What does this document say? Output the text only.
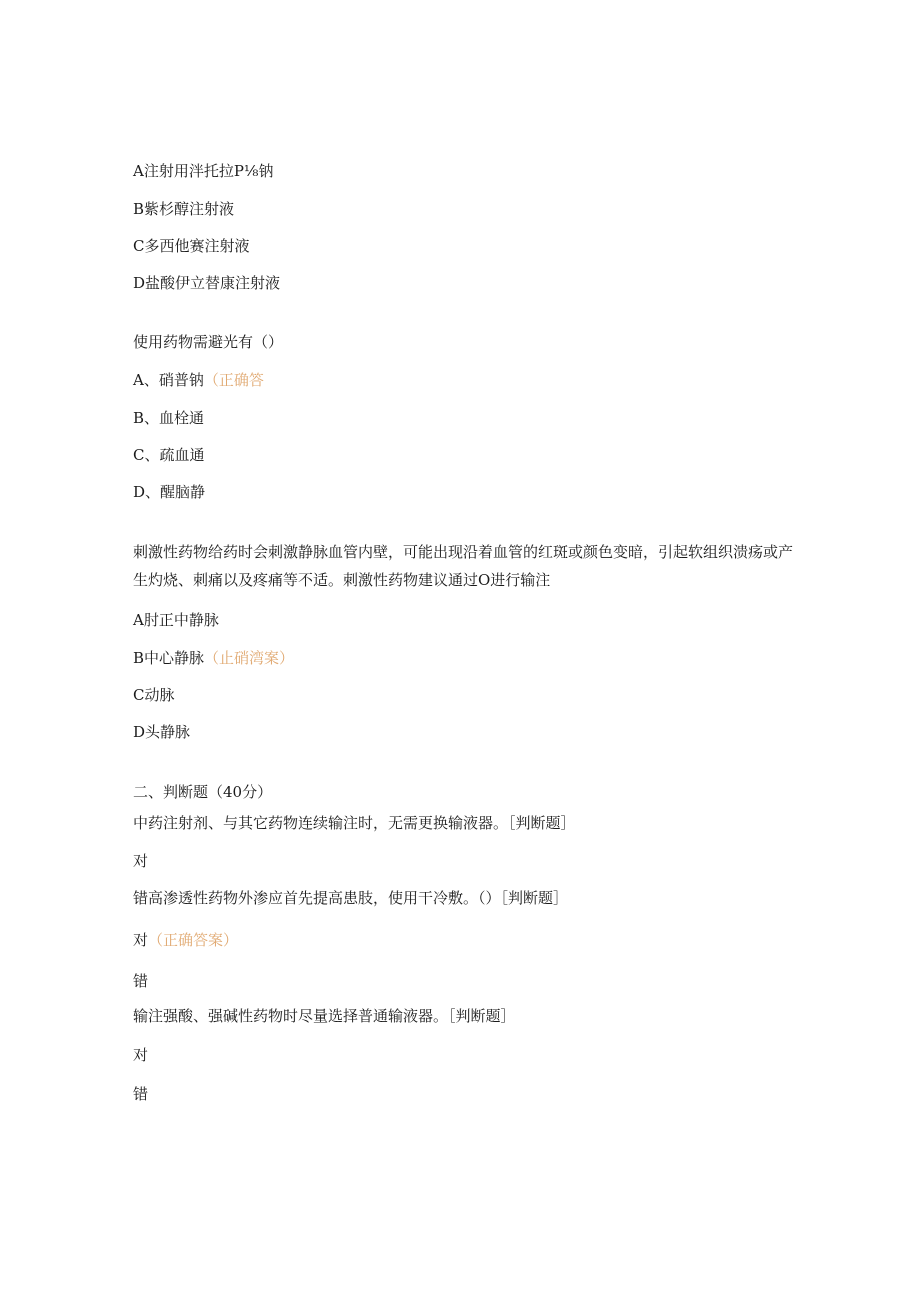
A注射用泮托拉P⅛钠
B紫杉醇注射液
C多西他赛注射液
D盐酸伊立替康注射液
使用药物需避光有（）
A、硝普钠（正确答
B、血栓通
C、疏血通
D、醒脑静
刺激性药物给药时会刺激静脉血管内壁，可能出现沿着血管的红斑或颜色变暗，引起软组织溃疡或产生灼烧、刺痛以及疼痛等不适。刺激性药物建议通过O进行输注
A肘正中静脉
B中心静脉（止硝湾案）
C动脉
D头静脉
二、判断题（40分）
中药注射剂、与其它药物连续输注时，无需更换输液器。［判断题］
对
错高渗透性药物外渗应首先提高患肢，使用干冷敷。（）［判断题］
对（正确答案）
错
输注强酸、强碱性药物时尽量选择普通输液器。［判断题］
对
错
